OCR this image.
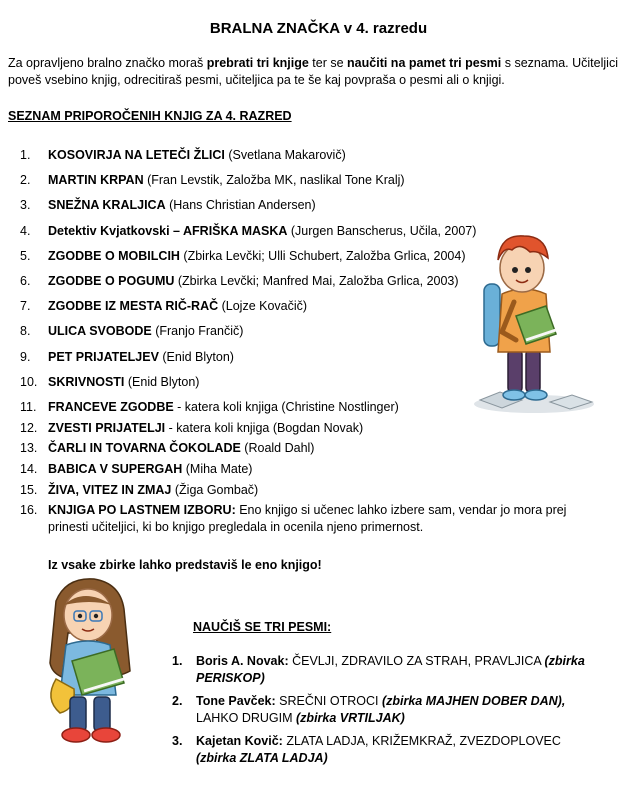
BRALNA ZNAČKA v 4. razredu

Za opravljeno bralno značko moraš prebrati tri knjige ter se naučiti na pamet tri pesmi s seznama. Učiteljici poveš vsebino knjig, odrecitiraš pesmi, učiteljica pa te še kaj povpraša o pesmi ali o knjigi.

SEZNAM PRIPOROČENIH KNJIG ZA 4. RAZRED

1. KOSOVIRJA NA LETEČI ŽLICI (Svetlana Makarovič)
2. MARTIN KRPAN (Fran Levstik, Založba MK, naslikal Tone Kralj)
3. SNEŽNA KRALJICA (Hans Christian Andersen)
4. Detektiv Kvjatkovski – AFRIŠKA MASKA (Jurgen Banscherus, Učila, 2007)
5. ZGODBE O MOBILCIH (Zbirka Levčki; Ulli Schubert, Založba Grlica, 2004)
6. ZGODBE O POGUMU (Zbirka Levčki; Manfred Mai, Založba Grlica, 2003)
7. ZGODBE IZ MESTA RIČ-RAČ (Lojze Kovačič)
8. ULICA SVOBODE (Franjo Frančič)
9. PET PRIJATELJEV (Enid Blyton)
10. SKRIVNOSTI (Enid Blyton)
11. FRANCEVE ZGODBE - katera koli knjiga (Christine Nostlinger)
12. ZVESTI PRIJATELJI - katera koli knjiga (Bogdan Novak)
13. ČARLI IN TOVARNA ČOKOLADE (Roald Dahl)
14. BABICA V SUPERGAH (Miha Mate)
15. ŽIVA, VITEZ IN ZMAJ (Žiga Gombač)
16. KNJIGA PO LASTNEM IZBORU: Eno knjigo si učenec lahko izbere sam, vendar jo mora prej prinesti učiteljici, ki bo knjigo pregledala in ocenila njeno primernost.

Iz vsake zbirke lahko predstaviš le eno knjigo!

NAUČIŠ SE TRI PESMI:

1. Boris A. Novak: ČEVLJI, ZDRAVILO ZA STRAH, PRAVLJICA (zbirka PERISKOP)
2. Tone Pavček: SREČNI OTROCI (zbirka MAJHEN DOBER DAN), LAHKO DRUGIM (zbirka VRTILJAK)
3. Kajetan Kovič: ZLATA LADJA, KRIŽEMKRAŽ, ZVEZDOPLOVEC (zbirka ZLATA LADJA)
